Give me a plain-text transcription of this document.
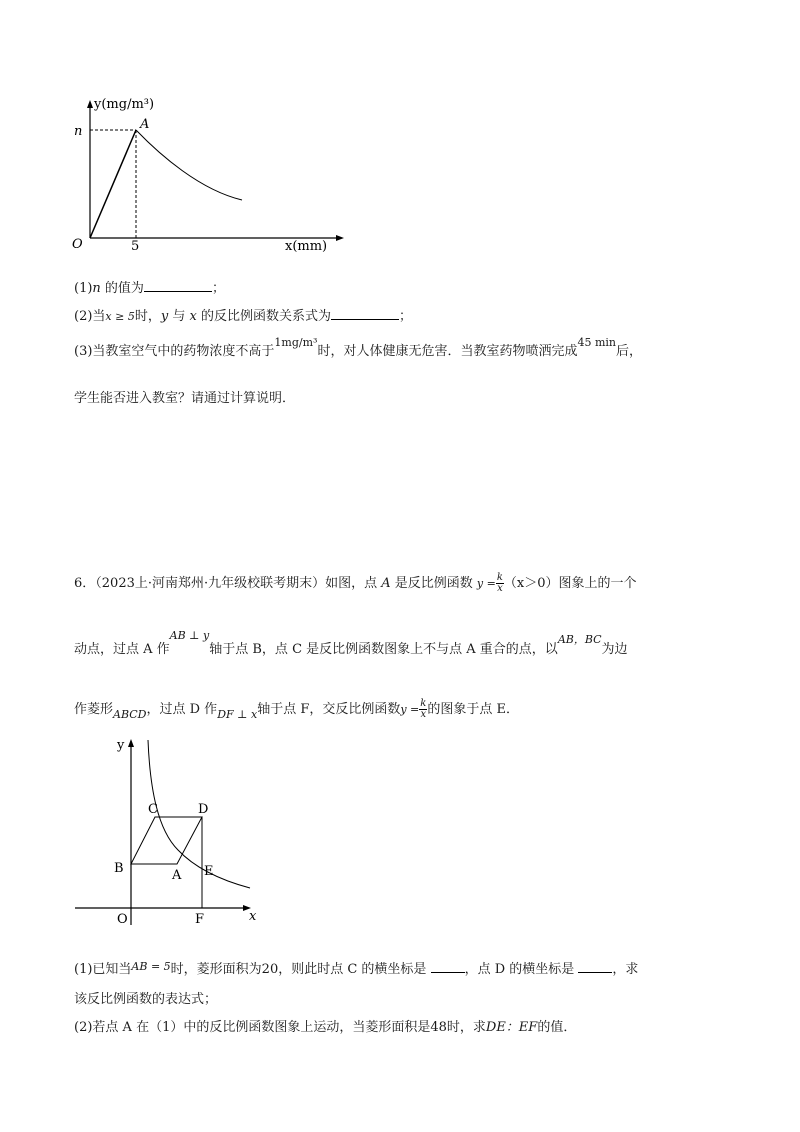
y(mg/m³)
n	A
O	5	x(mm)
(1)n 的值为	；
(2)当x ≥ 5时，y 与 x 的反比例函数关系式为	；
(3)当教室空气中的药物浓度不高于$^{1mg/m^3}$时，对人体健康无危害．当教室药物喷洒完成$^{45 min}$后，
学生能否进入教室？请通过计算说明．
6．（2023上·河南郑州·九年级校联考期末）如图，点 A 是反比例函数 $y = \frac{k}{x} (x>0)$图象上的一个
动点，过点 A 作$^{AB \perp y}$轴于点 B，点 C 是反比例函数图象上不与点 A 重合的点，以$^{AB,BC}$为边
作菱形$_{ABCD}$，过点 D 作$_{DF \perp x}$轴于点 F，交反比例函数$y = \frac{k}{x}$ 的图象于点 E．
y
x
O
B
C	D
A E
F
(1)已知当$^{AB = 5}$时，菱形面积为20，则此时点 C 的横坐标是	，点 D 的横坐标是	，求
该反比例函数的表达式；
(2)若点 A 在（1）中的反比例函数图象上运动，当菱形面积是48时，求DE：EF的值．
